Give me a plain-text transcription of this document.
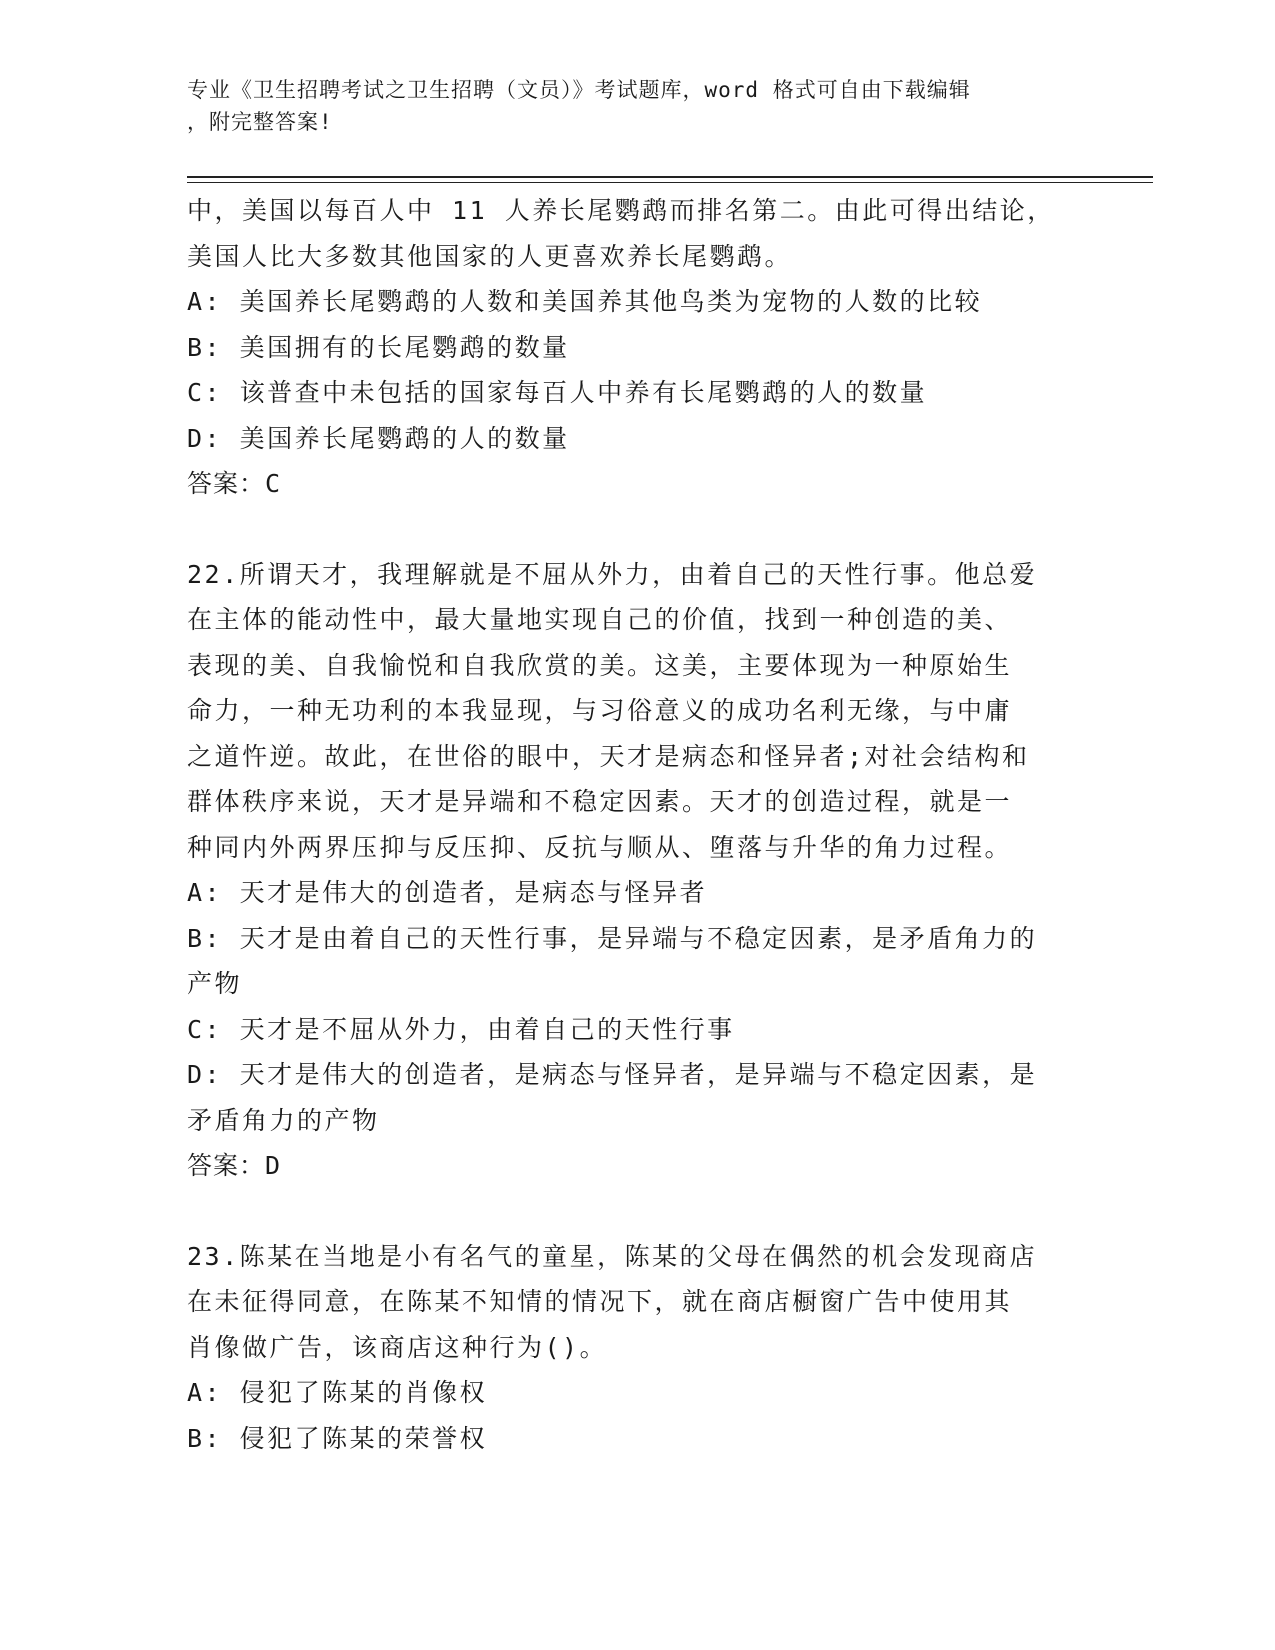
专业《卫生招聘考试之卫生招聘（文员）》考试题库，word 格式可自由下载编辑
，附完整答案!
中，美国以每百人中 11 人养长尾鹦鹉而排名第二。由此可得出结论，
美国人比大多数其他国家的人更喜欢养长尾鹦鹉。
A: 美国养长尾鹦鹉的人数和美国养其他鸟类为宠物的人数的比较
B: 美国拥有的长尾鹦鹉的数量
C: 该普查中未包括的国家每百人中养有长尾鹦鹉的人的数量
D: 美国养长尾鹦鹉的人的数量
答案：C
22.所谓天才，我理解就是不屈从外力，由着自己的天性行事。他总爱
在主体的能动性中，最大量地实现自己的价值，找到一种创造的美、
表现的美、自我愉悦和自我欣赏的美。这美，主要体现为一种原始生
命力，一种无功利的本我显现，与习俗意义的成功名利无缘，与中庸
之道忤逆。故此，在世俗的眼中，天才是病态和怪异者;对社会结构和
群体秩序来说，天才是异端和不稳定因素。天才的创造过程，就是一
种同内外两界压抑与反压抑、反抗与顺从、堕落与升华的角力过程。
A: 天才是伟大的创造者，是病态与怪异者
B: 天才是由着自己的天性行事，是异端与不稳定因素，是矛盾角力的
产物
C: 天才是不屈从外力，由着自己的天性行事
D: 天才是伟大的创造者，是病态与怪异者，是异端与不稳定因素，是
矛盾角力的产物
答案：D
23.陈某在当地是小有名气的童星，陈某的父母在偶然的机会发现商店
在未征得同意，在陈某不知情的情况下，就在商店橱窗广告中使用其
肖像做广告，该商店这种行为()。
A: 侵犯了陈某的肖像权
B: 侵犯了陈某的荣誉权
